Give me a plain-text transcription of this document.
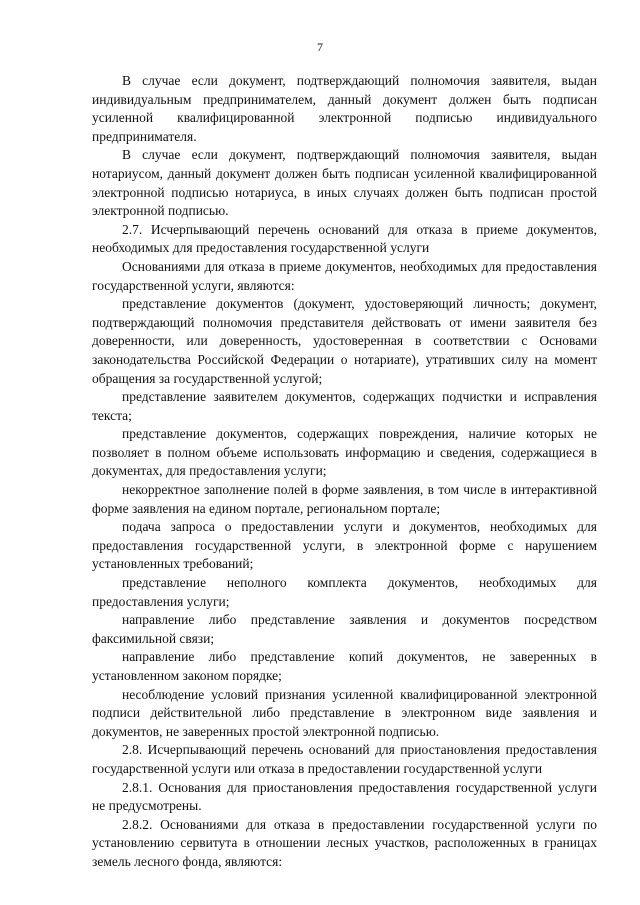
7

В случае если документ, подтверждающий полномочия заявителя, выдан индивидуальным предпринимателем, данный документ должен быть подписан усиленной квалифицированной электронной подписью индивидуального предпринимателя.

В случае если документ, подтверждающий полномочия заявителя, выдан нотариусом, данный документ должен быть подписан усиленной квалифицированной электронной подписью нотариуса, в иных случаях должен быть подписан простой электронной подписью.

2.7. Исчерпывающий перечень оснований для отказа в приеме документов, необходимых для предоставления государственной услуги

Основаниями для отказа в приеме документов, необходимых для предоставления государственной услуги, являются:

представление документов (документ, удостоверяющий личность; документ, подтверждающий полномочия представителя действовать от имени заявителя без доверенности, или доверенность, удостоверенная в соответствии с Основами законодательства Российской Федерации о нотариате), утративших силу на момент обращения за государственной услугой;

представление заявителем документов, содержащих подчистки и исправления текста;

представление документов, содержащих повреждения, наличие которых не позволяет в полном объеме использовать информацию и сведения, содержащиеся в документах, для предоставления услуги;

некорректное заполнение полей в форме заявления, в том числе в интерактивной форме заявления на едином портале, региональном портале;

подача запроса о предоставлении услуги и документов, необходимых для предоставления государственной услуги, в электронной форме с нарушением установленных требований;

представление неполного комплекта документов, необходимых для предоставления услуги;

направление либо представление заявления и документов посредством факсимильной связи;

направление либо представление копий документов, не заверенных в установленном законом порядке;

несоблюдение условий признания усиленной квалифицированной электронной подписи действительной либо представление в электронном виде заявления и документов, не заверенных простой электронной подписью.

2.8. Исчерпывающий перечень оснований для приостановления предоставления государственной услуги или отказа в предоставлении государственной услуги

2.8.1. Основания для приостановления предоставления государственной услуги не предусмотрены.

2.8.2. Основаниями для отказа в предоставлении государственной услуги по установлению сервитута в отношении лесных участков, расположенных в границах земель лесного фонда, являются:
